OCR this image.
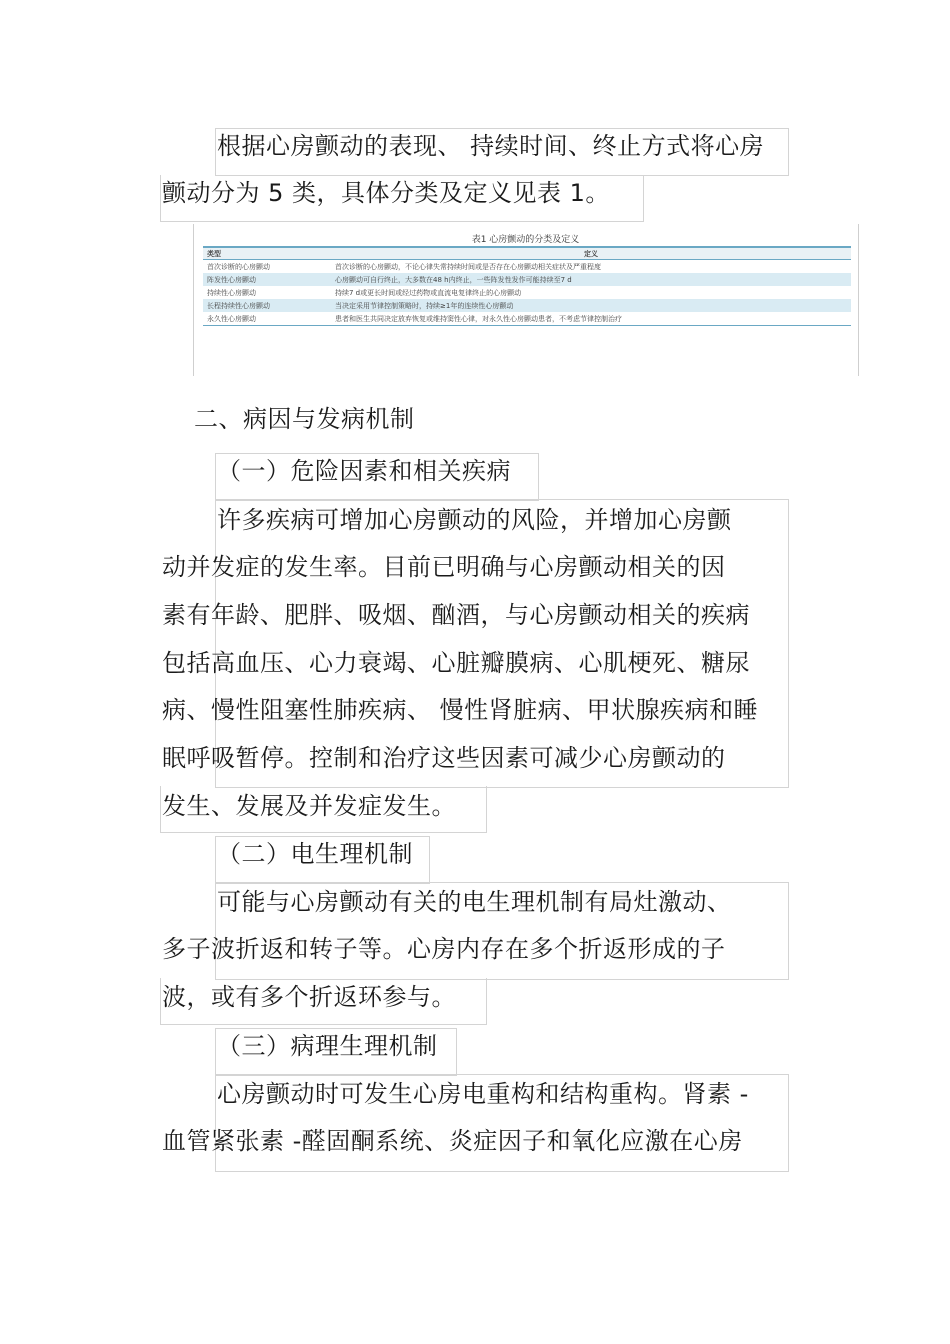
根据心房颤动的表现、 持续时间、终止方式将心房
颤动分为 5 类，具体分类及定义见表 1。
表1 心房颤动的分类及定义
类型	定义
首次诊断的心房颤动	首次诊断的心房颤动，不论心律失常持续时间或是否存在心房颤动相关症状及严重程度
阵发性心房颤动	心房颤动可自行终止，大多数在48 h内终止，一些阵发性发作可能持续至7 d
持续性心房颤动	持续7 d或更长时间或经过药物或直流电复律终止的心房颤动
长程持续性心房颤动	当决定采用节律控制策略时，持续≥1年的连续性心房颤动
永久性心房颤动	患者和医生共同决定放弃恢复或维持窦性心律，对永久性心房颤动患者，不考虑节律控制治疗
二、病因与发病机制
（一）危险因素和相关疾病
许多疾病可增加心房颤动的风险，并增加心房颤
动并发症的发生率。目前已明确与心房颤动相关的因
素有年龄、肥胖、吸烟、酗酒，与心房颤动相关的疾病
包括高血压、心力衰竭、心脏瓣膜病、心肌梗死、糖尿
病、慢性阻塞性肺疾病、 慢性肾脏病、甲状腺疾病和睡
眠呼吸暂停。控制和治疗这些因素可减少心房颤动的
发生、发展及并发症发生。
（二）电生理机制
可能与心房颤动有关的电生理机制有局灶激动、
多子波折返和转子等。心房内存在多个折返形成的子
波，或有多个折返环参与。
（三）病理生理机制
心房颤动时可发生心房电重构和结构重构。肾素 -
血管紧张素 -醛固酮系统、炎症因子和氧化应激在心房
